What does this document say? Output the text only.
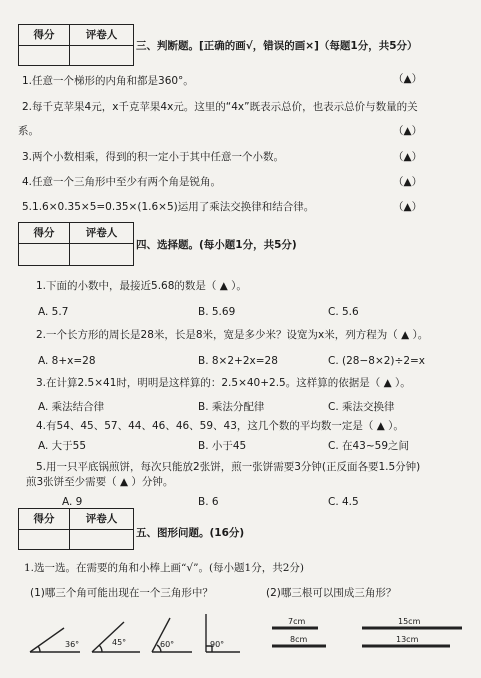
得分	评卷人
三、判断题。[正确的画√，错误的画×]（每题1分，共5分）
1.任意一个梯形的内角和都是360°。	（▲）
2.每千克苹果4元，x千克苹果4x元。这里的“4x”既表示总价，也表示总价与数量的关
系。	（▲）
3.两个小数相乘，得到的积一定小于其中任意一个小数。	（▲）
4.任意一个三角形中至少有两个角是锐角。	（▲）
5.1.6×0.35×5=0.35×(1.6×5)运用了乘法交换律和结合律。	（▲）
得分	评卷人
四、选择题。(每小题1分，共5分)
1.下面的小数中，最接近5.68的数是（ ▲ ）。
A. 5.7	B. 5.69	C. 5.6
2.一个长方形的周长是28米，长是8米，宽是多少米？设宽为x米，列方程为（ ▲ ）。
A. 8+x=28	B. 8×2+2x=28	C. (28−8×2)÷2=x
3.在计算2.5×41时，明明是这样算的：2.5×40+2.5。这样算的依据是（ ▲ ）。
A. 乘法结合律	B. 乘法分配律	C. 乘法交换律
4.有54、45、57、44、46、46、59、43，这几个数的平均数一定是（ ▲ ）。
A. 大于55	B. 小于45	C. 在43~59之间
5.用一只平底锅煎饼，每次只能放2张饼，煎一张饼需要3分钟(正反面各要1.5分钟)
煎3张饼至少需要（ ▲ ）分钟。
A. 9	B. 6	C. 4.5
得分	评卷人
五、图形问题。(16分)
1.选一选。在需要的角和小棒上画“√”。(每小题1分，共2分)
(1)哪三个角可能出现在一个三角形中？	(2)哪三根可以围成三角形？
36°	45°	60°	90°
7cm
8cm
15cm
13cm
